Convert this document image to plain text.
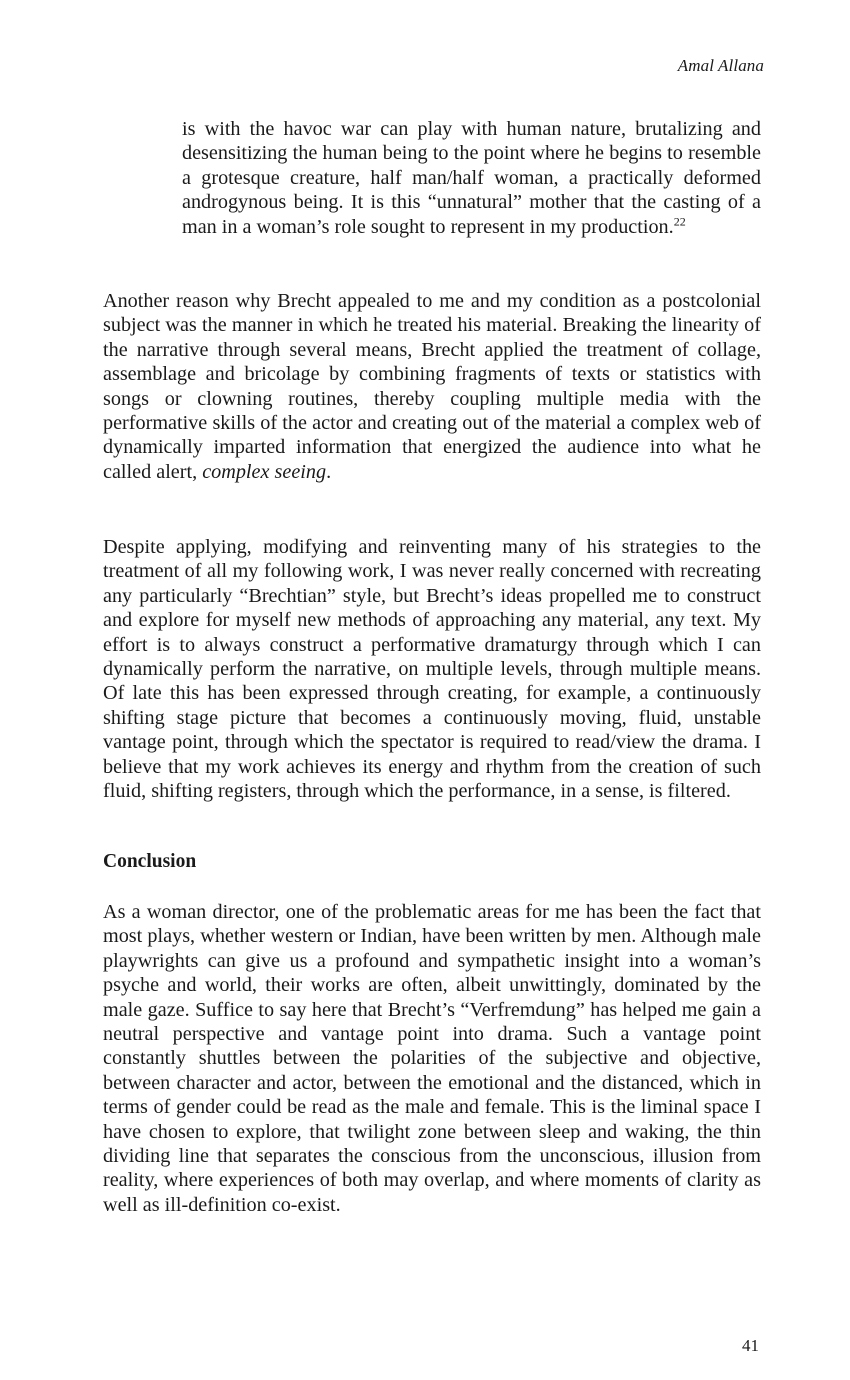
Amal Allana

is with the havoc war can play with human nature, brutalizing and desensitizing the human being to the point where he begins to resemble a grotesque creature, half man/half woman, a practically deformed androgynous being. It is this “unnatural” mother that the casting of a man in a woman’s role sought to represent in my production.$^{22}$

Another reason why Brecht appealed to me and my condition as a postcolonial subject was the manner in which he treated his material. Breaking the linearity of the narrative through several means, Brecht applied the treatment of collage, assemblage and bricolage by combining fragments of texts or statistics with songs or clowning routines, thereby coupling multiple media with the performative skills of the actor and creating out of the material a complex web of dynamically imparted information that energized the audience into what he called alert, complex seeing.

Despite applying, modifying and reinventing many of his strategies to the treatment of all my following work, I was never really concerned with recreating any particularly “Brechtian” style, but Brecht’s ideas propelled me to construct and explore for myself new methods of approaching any material, any text. My effort is to always construct a performative dramaturgy through which I can dynamically perform the narrative, on multiple levels, through multiple means. Of late this has been expressed through creating, for example, a continuously shifting stage picture that becomes a continuously moving, fluid, unstable vantage point, through which the spectator is required to read/view the drama. I believe that my work achieves its energy and rhythm from the creation of such fluid, shifting registers, through which the performance, in a sense, is filtered.

Conclusion

As a woman director, one of the problematic areas for me has been the fact that most plays, whether western or Indian, have been written by men. Although male playwrights can give us a profound and sympathetic insight into a woman’s psyche and world, their works are often, albeit unwittingly, dominated by the male gaze. Suffice to say here that Brecht’s “Verfremdung” has helped me gain a neutral perspective and vantage point into drama. Such a vantage point constantly shuttles between the polarities of the subjective and objective, between character and actor, between the emotional and the distanced, which in terms of gender could be read as the male and female. This is the liminal space I have chosen to explore, that twilight zone between sleep and waking, the thin dividing line that separates the conscious from the unconscious, illusion from reality, where experiences of both may overlap, and where moments of clarity as well as ill-definition co-exist.

41
